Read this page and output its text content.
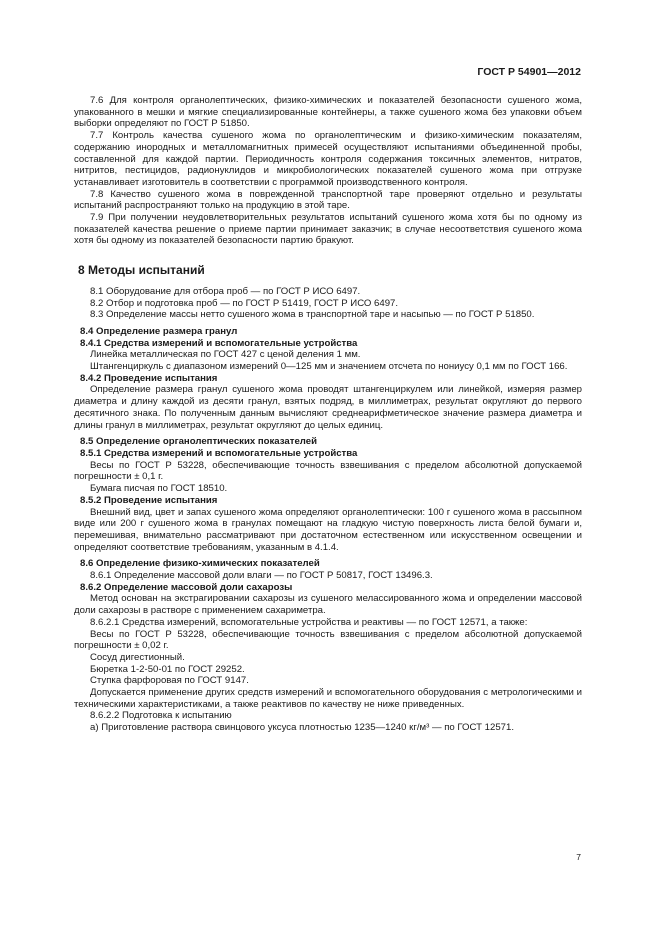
ГОСТ Р 54901—2012

7.6 Для контроля органолептических, физико-химических и показателей безопасности сушеного жома, упакованного в мешки и мягкие специализированные контейнеры, а также сушеного жома без упаковки объем выборки определяют по ГОСТ Р 51850.

7.7 Контроль качества сушеного жома по органолептическим и физико-химическим показателям, содержанию инородных и металломагнитных примесей осуществляют испытаниями объединенной пробы, составленной для каждой партии. Периодичность контроля содержания токсичных элементов, нитратов, нитритов, пестицидов, радионуклидов и микробиологических показателей сушеного жома при отгрузке устанавливает изготовитель в соответствии с программой производственного контроля.

7.8 Качество сушеного жома в поврежденной транспортной таре проверяют отдельно и результаты испытаний распространяют только на продукцию в этой таре.

7.9 При получении неудовлетворительных результатов испытаний сушеного жома хотя бы по одному из показателей качества решение о приеме партии принимает заказчик; в случае несоответствия сушеного жома хотя бы одному из показателей безопасности партию бракуют.

8 Методы испытаний

8.1 Оборудование для отбора проб — по ГОСТ Р ИСО 6497.

8.2 Отбор и подготовка проб — по ГОСТ Р 51419, ГОСТ Р ИСО 6497.

8.3 Определение массы нетто сушеного жома в транспортной таре и насыпью — по ГОСТ Р 51850.

8.4 Определение размера гранул

8.4.1 Средства измерений и вспомогательные устройства

Линейка металлическая по ГОСТ 427 с ценой деления 1 мм.

Штангенциркуль с диапазоном измерений 0—125 мм и значением отсчета по нониусу 0,1 мм по ГОСТ 166.

8.4.2 Проведение испытания

Определение размера гранул сушеного жома проводят штангенциркулем или линейкой, измеряя размер диаметра и длину каждой из десяти гранул, взятых подряд, в миллиметрах, результат округляют до первого десятичного знака. По полученным данным вычисляют среднеарифметическое значение размера диаметра и длины гранул в миллиметрах, результат округляют до целых единиц.

8.5 Определение органолептических показателей

8.5.1 Средства измерений и вспомогательные устройства

Весы по ГОСТ Р 53228, обеспечивающие точность взвешивания с пределом абсолютной допускаемой погрешности ± 0,1 г.

Бумага писчая по ГОСТ 18510.

8.5.2 Проведение испытания

Внешний вид, цвет и запах сушеного жома определяют органолептически: 100 г сушеного жома в рассыпном виде или 200 г сушеного жома в гранулах помещают на гладкую чистую поверхность листа белой бумаги и, перемешивая, внимательно рассматривают при достаточном естественном или искусственном освещении и определяют соответствие требованиям, указанным в 4.1.4.

8.6 Определение физико-химических показателей

8.6.1 Определение массовой доли влаги — по ГОСТ Р 50817, ГОСТ 13496.3.

8.6.2 Определение массовой доли сахарозы

Метод основан на экстрагировании сахарозы из сушеного мелассированного жома и определении массовой доли сахарозы в растворе с применением сахариметра.

8.6.2.1 Средства измерений, вспомогательные устройства и реактивы — по ГОСТ 12571, а также:

Весы по ГОСТ Р 53228, обеспечивающие точность взвешивания с пределом абсолютной допускаемой погрешности ± 0,02 г.

Сосуд дигестионный.

Бюретка 1-2-50-01 по ГОСТ 29252.

Ступка фарфоровая по ГОСТ 9147.

Допускается применение других средств измерений и вспомогательного оборудования с метрологическими и техническими характеристиками, а также реактивов по качеству не ниже приведенных.

8.6.2.2 Подготовка к испытанию

а) Приготовление раствора свинцового уксуса плотностью 1235—1240 кг/м³ — по ГОСТ 12571.

7
